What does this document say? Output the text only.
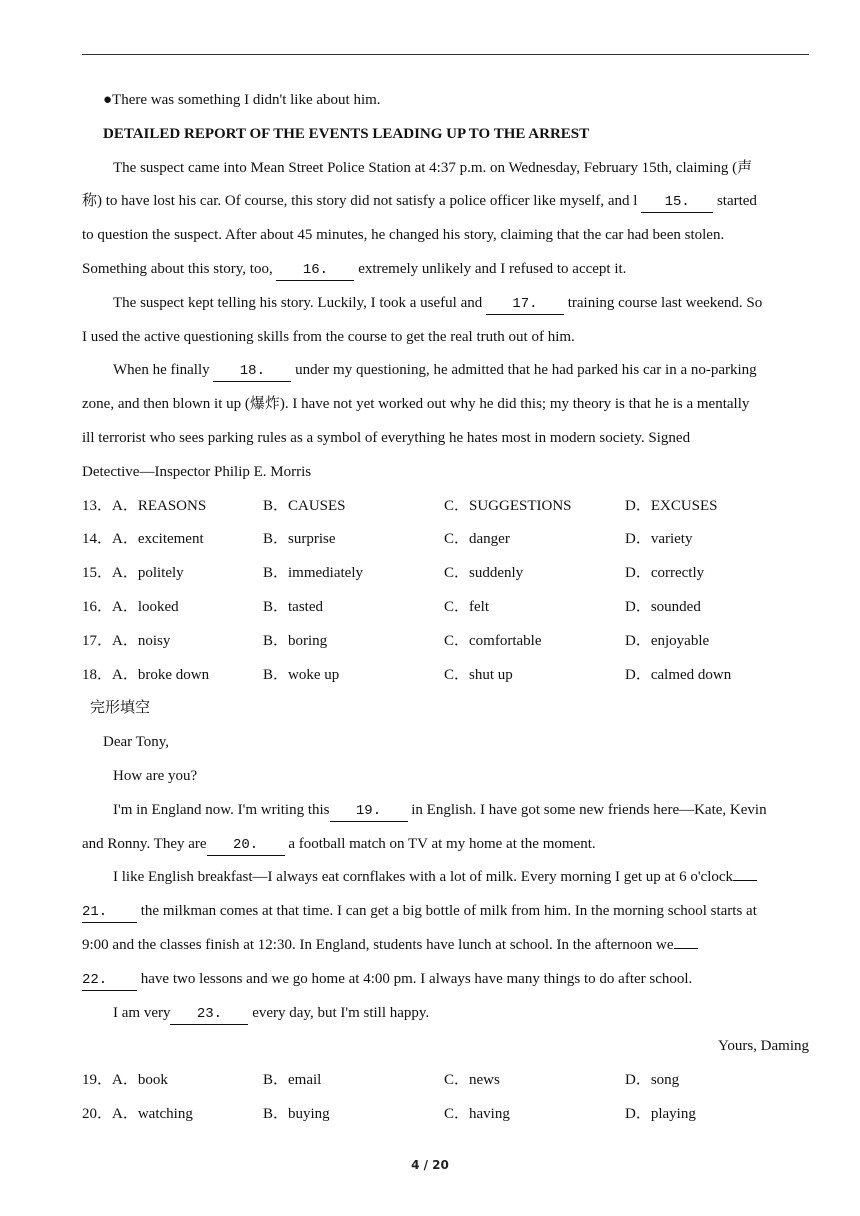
●There was something I didn't like about him.
DETAILED REPORT OF THE EVENTS LEADING UP TO THE ARREST
The suspect came into Mean Street Police Station at 4:37 p.m. on Wednesday, February 15th, claiming (声
称) to have lost his car. Of course, this story did not satisfy a police officer like myself, and l 15. started
to question the suspect. After about 45 minutes, he changed his story, claiming that the car had been stolen.
Something about this story, too, 16. extremely unlikely and I refused to accept it.
The suspect kept telling his story. Luckily, I took a useful and 17. training course last weekend. So
I used the active questioning skills from the course to get the real truth out of him.
When he finally 18. under my questioning, he admitted that he had parked his car in a no-parking
zone, and then blown it up (爆炸). I have not yet worked out why he did this; my theory is that he is a mentally
ill terrorist who sees parking rules as a symbol of everything he hates most in modern society. Signed
Detective—Inspector Philip E. Morris
13．A．REASONS	B．CAUSES	C．SUGGESTIONS	D．EXCUSES
14．A．excitement	B．surprise	C．danger	D．variety
15．A．politely	B．immediately	C．suddenly	D．correctly
16．A．looked	B．tasted	C．felt	D．sounded
17．A．noisy	B．boring	C．comfortable	D．enjoyable
18．A．broke down	B．woke up	C．shut up	D．calmed down
完形填空
Dear Tony,
How are you?
I'm in England now. I'm writing this 19. in English. I have got some new friends here—Kate, Kevin
and Ronny. They are 20. a football match on TV at my home at the moment.
I like English breakfast—I always eat cornflakes with a lot of milk. Every morning I get up at 6 o'clock
21. the milkman comes at that time. I can get a big bottle of milk from him. In the morning school starts at
9:00 and the classes finish at 12:30. In England, students have lunch at school. In the afternoon we
22. have two lessons and we go home at 4:00 pm. I always have many things to do after school.
I am very 23. every day, but I'm still happy.
Yours, Daming
19．A．book	B．email	C．news	D．song
20．A．watching	B．buying	C．having	D．playing
4 / 20
